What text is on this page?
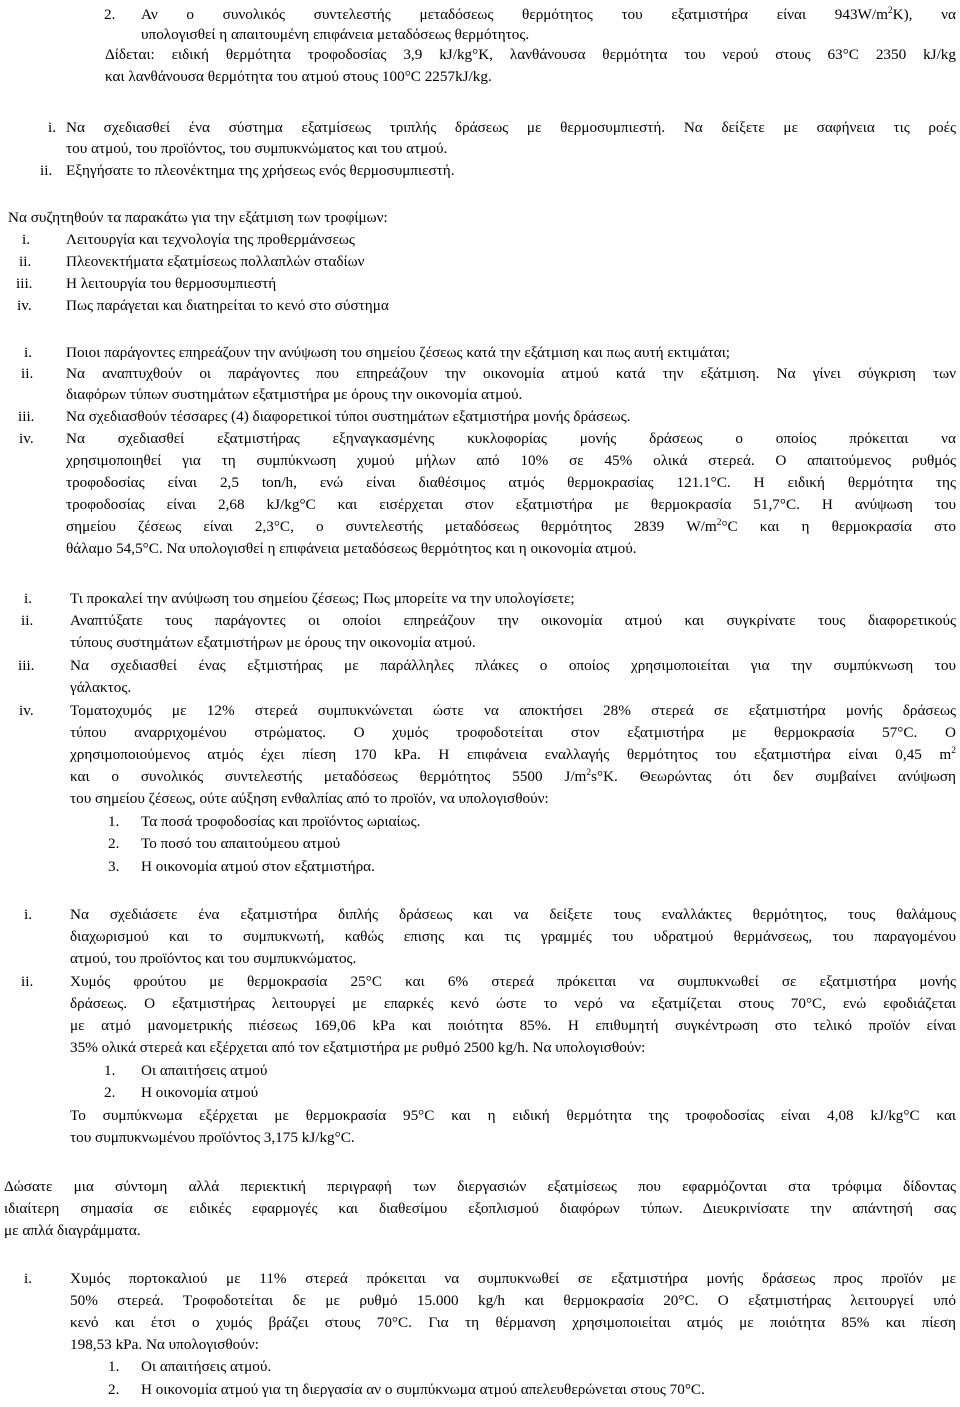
2. Αν ο συνολικός συντελεστής μεταδόσεως θερμότητος του εξατμιστήρα είναι $943W/m^2K$), να
υπολογισθεί η απαιτουμένη επιφάνεια μεταδόσεως θερμότητος.
Δίδεται: ειδική θερμότητα τροφοδοσίας 3,9 kJ/kg°K, λανθάνουσα θερμότητα του νερού στους 63°C 2350 kJ/kg
και λανθάνουσα θερμότητα του ατμού στους 100°C 2257kJ/kg.
i. Να σχεδιασθεί ένα σύστημα εξατμίσεως τριπλής δράσεως με θερμοσυμπιεστή. Να δείξετε με σαφήνεια τις ροές
του ατμού, του προϊόντος, του συμπυκνώματος και του ατμού.
ii. Εξηγήσατε το πλεονέκτημα της χρήσεως ενός θερμοσυμπιεστή.
Να συζητηθούν τα παρακάτω για την εξάτμιση των τροφίμων:
i. Λειτουργία και τεχνολογία της προθερμάνσεως
ii. Πλεονεκτήματα εξατμίσεως πολλαπλών σταδίων
iii. Η λειτουργία του θερμοσυμπιεστή
iv. Πως παράγεται και διατηρείται το κενό στο σύστημα
i. Ποιοι παράγοντες επηρεάζουν την ανύψωση του σημείου ζέσεως κατά την εξάτμιση και πως αυτή εκτιμάται;
ii. Να αναπτυχθούν οι παράγοντες που επηρεάζουν την οικονομία ατμού κατά την εξάτμιση. Να γίνει σύγκριση των
διαφόρων τύπων συστημάτων εξατμιστήρα με όρους την οικονομία ατμού.
iii. Να σχεδιασθούν τέσσαρες (4) διαφορετικοί τύποι συστημάτων εξατμιστήρα μονής δράσεως.
iv. Να σχεδιασθεί εξατμιστήρας εξηναγκασμένης κυκλοφορίας μονής δράσεως ο οποίος πρόκειται να
χρησιμοποιηθεί για τη συμπύκνωση χυμού μήλων από 10% σε 45% ολικά στερεά. Ο απαιτούμενος ρυθμός
τροφοδοσίας είναι 2,5 ton/h, ενώ είναι διαθέσιμος ατμός θερμοκρασίας 121.1°C. Η ειδική θερμότητα της
τροφοδοσίας είναι 2,68 kJ/kg°C και εισέρχεται στον εξατμιστήρα με θερμοκρασία 51,7°C. Η ανύψωση του
σημείου ζέσεως είναι 2,3°C, ο συντελεστής μεταδόσεως θερμότητος 2839 $W/m^2^\circ C$ και η θερμοκρασία στο
θάλαμο 54,5°C. Να υπολογισθεί η επιφάνεια μεταδόσεως θερμότητος και η οικονομία ατμού.
i. Τι προκαλεί την ανύψωση του σημείου ζέσεως; Πως μπορείτε να την υπολογίσετε;
ii. Αναπτύξατε τους παράγοντες οι οποίοι επηρεάζουν την οικονομία ατμού και συγκρίνατε τους διαφορετικούς
τύπους συστημάτων εξατμιστήρων με όρους την οικονομία ατμού.
iii. Να σχεδιασθεί ένας εξτμιστήρας με παράλληλες πλάκες ο οποίος χρησιμοποιείται για την συμπύκνωση του
γάλακτος.
iv. Τοματοχυμός με 12% στερεά συμπυκνώνεται ώστε να αποκτήσει 28% στερεά σε εξατμιστήρα μονής δράσεως
τύπου αναρριχομένου στρώματος. Ο χυμός τροφοδοτείται στον εξατμιστήρα με θερμοκρασία 57°C. Ο
χρησιμοποιούμενος ατμός έχει πίεση 170 kPa. Η επιφάνεια εναλλαγής θερμότητος του εξατμιστήρα είναι 0,45 $m^2$
και ο συνολικός συντελεστής μεταδόσεως θερμότητος 5500 $J/m^2s^\circ K$. Θεωρώντας ότι δεν συμβαίνει ανύψωση
του σημείου ζέσεως, ούτε αύξηση ενθαλπίας από το προϊόν, να υπολογισθούν:
1. Τα ποσά τροφοδοσίας και προϊόντος ωριαίως.
2. Το ποσό του απαιτούμεου ατμού
3. Η οικονομία ατμού στον εξατμιστήρα.
i. Να σχεδιάσετε ένα εξατμιστήρα διπλής δράσεως και να δείξετε τους εναλλάκτες θερμότητος, τους θαλάμους
διαχωρισμού και το συμπυκνωτή, καθώς επισης και τις γραμμές του υδρατμού θερμάνσεως, του παραγομένου
ατμού, του προϊόντος και του συμπυκνώματος.
ii. Χυμός φρούτου με θερμοκρασία 25°C και 6% στερεά πρόκειται να συμπυκνωθεί σε εξατμιστήρα μονής
δράσεως. Ο εξατμιστήρας λειτουργεί με επαρκές κενό ώστε το νερό να εξατμίζεται στους 70°C, ενώ εφοδιάζεται
με ατμό μανομετρικής πιέσεως 169,06 kPa και ποιότητα 85%. Η επιθυμητή συγκέντρωση στο τελικό προϊόν είναι
35% ολικά στερεά και εξέρχεται από τον εξατμιστήρα με ρυθμό 2500 kg/h. Να υπολογισθούν:
1. Οι απαιτήσεις ατμού
2. Η οικονομία ατμού
Το συμπύκνωμα εξέρχεται με θερμοκρασία 95°C και η ειδική θερμότητα της τροφοδοσίας είναι 4,08 kJ/kg°C και
του συμπυκνωμένου προϊόντος 3,175 kJ/kg°C.
Δώσατε μια σύντομη αλλά περιεκτική περιγραφή των διεργασιών εξατμίσεως που εφαρμόζονται στα τρόφιμα δίδοντας
ιδιαίτερη σημασία σε ειδικές εφαρμογές και διαθεσίμου εξοπλισμού διαφόρων τύπων. Διευκρινίσατε την απάντησή σας
με απλά διαγράμματα.
i. Χυμός πορτοκαλιού με 11% στερεά πρόκειται να συμπυκνωθεί σε εξατμιστήρα μονής δράσεως προς προϊόν με
50% στερεά. Τροφοδοτείται δε με ρυθμό 15.000 kg/h και θερμοκρασία 20°C. Ο εξατμιστήρας λειτουργεί υπό
κενό και έτσι ο χυμός βράζει στους 70°C. Για τη θέρμανση χρησιμοποιείται ατμός με ποιότητα 85% και πίεση
198,53 kPa. Να υπολογισθούν:
1. Οι απαιτήσεις ατμού.
2. Η οικονομία ατμού για τη διεργασία αν ο συμπύκνωμα ατμού απελευθερώνεται στους 70°C.
